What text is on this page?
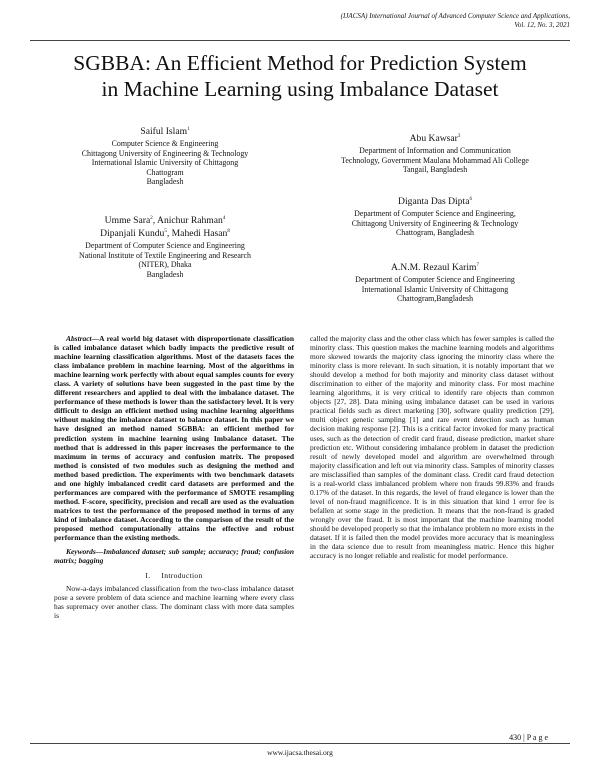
(IJACSA) International Journal of Advanced Computer Science and Applications,
Vol. 12, No. 3, 2021
SGBBA: An Efficient Method for Prediction System
in Machine Learning using Imbalance Dataset
Saiful Islam$^1$
Computer Science & Engineering
Chittagong University of Engineering & Technology
International Islamic University of Chittagong
Chattogram
Bangladesh
Umme Sara$^2$, Anichur Rahman$^4$
Dipanjali Kundu$^5$, Mahedi Hasan$^8$
Department of Computer Science and Engineering
National Institute of Textile Engineering and Research
(NITER), Dhaka
Bangladesh
Abu Kawsar$^3$
Department of Information and Communication
Technology, Government Maulana Mohammad Ali College
Tangail, Bangladesh
Diganta Das Dipta$^6$
Department of Computer Science and Engineering,
Chittagong University of Engineering & Technology
Chattogram, Bangladesh
A.N.M. Rezaul Karim$^7$
Department of Computer Science and Engineering
International Islamic University of Chittagong
Chattogram,Bangladesh

Abstract—A real world big dataset with disproportionate classification is called imbalance dataset which badly impacts the predictive result of machine learning classification algorithms. Most of the datasets faces the class imbalance problem in machine learning. Most of the algorithms in machine learning work perfectly with about equal samples counts for every class. A variety of solutions have been suggested in the past time by the different researchers and applied to deal with the imbalance dataset. The performance of these methods is lower than the satisfactory level. It is very difficult to design an efficient method using machine learning algorithms without making the imbalance dataset to balance dataset. In this paper we have designed an method named SGBBA: an efficient method for prediction system in machine learning using Imbalance dataset. The method that is addressed in this paper increases the performance to the maximum in terms of accuracy and confusion matrix. The proposed method is consisted of two modules such as designing the method and method based prediction. The experiments with two benchmark datasets and one highly imbalanced credit card datasets are performed and the performances are compared with the performance of SMOTE resampling method. F-score, specificity, precision and recall are used as the evaluation matrices to test the performance of the proposed method in terms of any kind of imbalance dataset. According to the comparison of the result of the proposed method computationally attains the effective and robust performance than the existing methods.

Keywords—Imbalanced dataset; sub sample; accuracy; fraud; confusion matrix; bagging

I.     Introduction

Now-a-days imbalanced classification from the two-class imbalance dataset pose a severe problem of data science and machine learning where every class has supremacy over another class. The dominant class with more data samples is

called the majority class and the other class which has fewer samples is called the minority class. This question makes the machine learning models and algorithms more skewed towards the majority class ignoring the minority class where the minority class is more relevant. In such situation, it is notably important that we should develop a method for both majority and minority class dataset without discrimination to either of the majority and minority class. For most machine learning algorithms, it is very critical to identify rare objects than common objects [27, 28]. Data mining using imbalance dataset can be used in various practical fields such as direct marketing [30], software quality prediction [29], multi object genetic sampling [1] and rare event detection such as human decision making response [2]. This is a critical factor invoked for many practical uses, such as the detection of credit card fraud, disease prediction, market share prediction etc. Without considering imbalance problem in dataset the prediction result of newly developed model and algorithm are overwhelmed through majority classification and left out via minority class. Samples of minority classes are misclassified than samples of the dominant class. Credit card fraud detection is a real-world class imbalanced problem where non frauds 99.83% and frauds 0.17% of the dataset. In this regards, the level of fraud elegance is lower than the level of non-fraud magnificence. It is in this situation that kind 1 error fee is befallen at some stage in the prediction. It means that the non-fraud is graded wrongly over the fraud. It is most important that the machine learning model should be developed properly so that the imbalance problem no more exists in the dataset. If it is failed then the model provides more accuracy that is meaningless in the data science due to result from meaningless matric. Hence this higher accuracy is no longer reliable and realistic for model performance.

430 | P a g e
www.ijacsa.thesai.org
